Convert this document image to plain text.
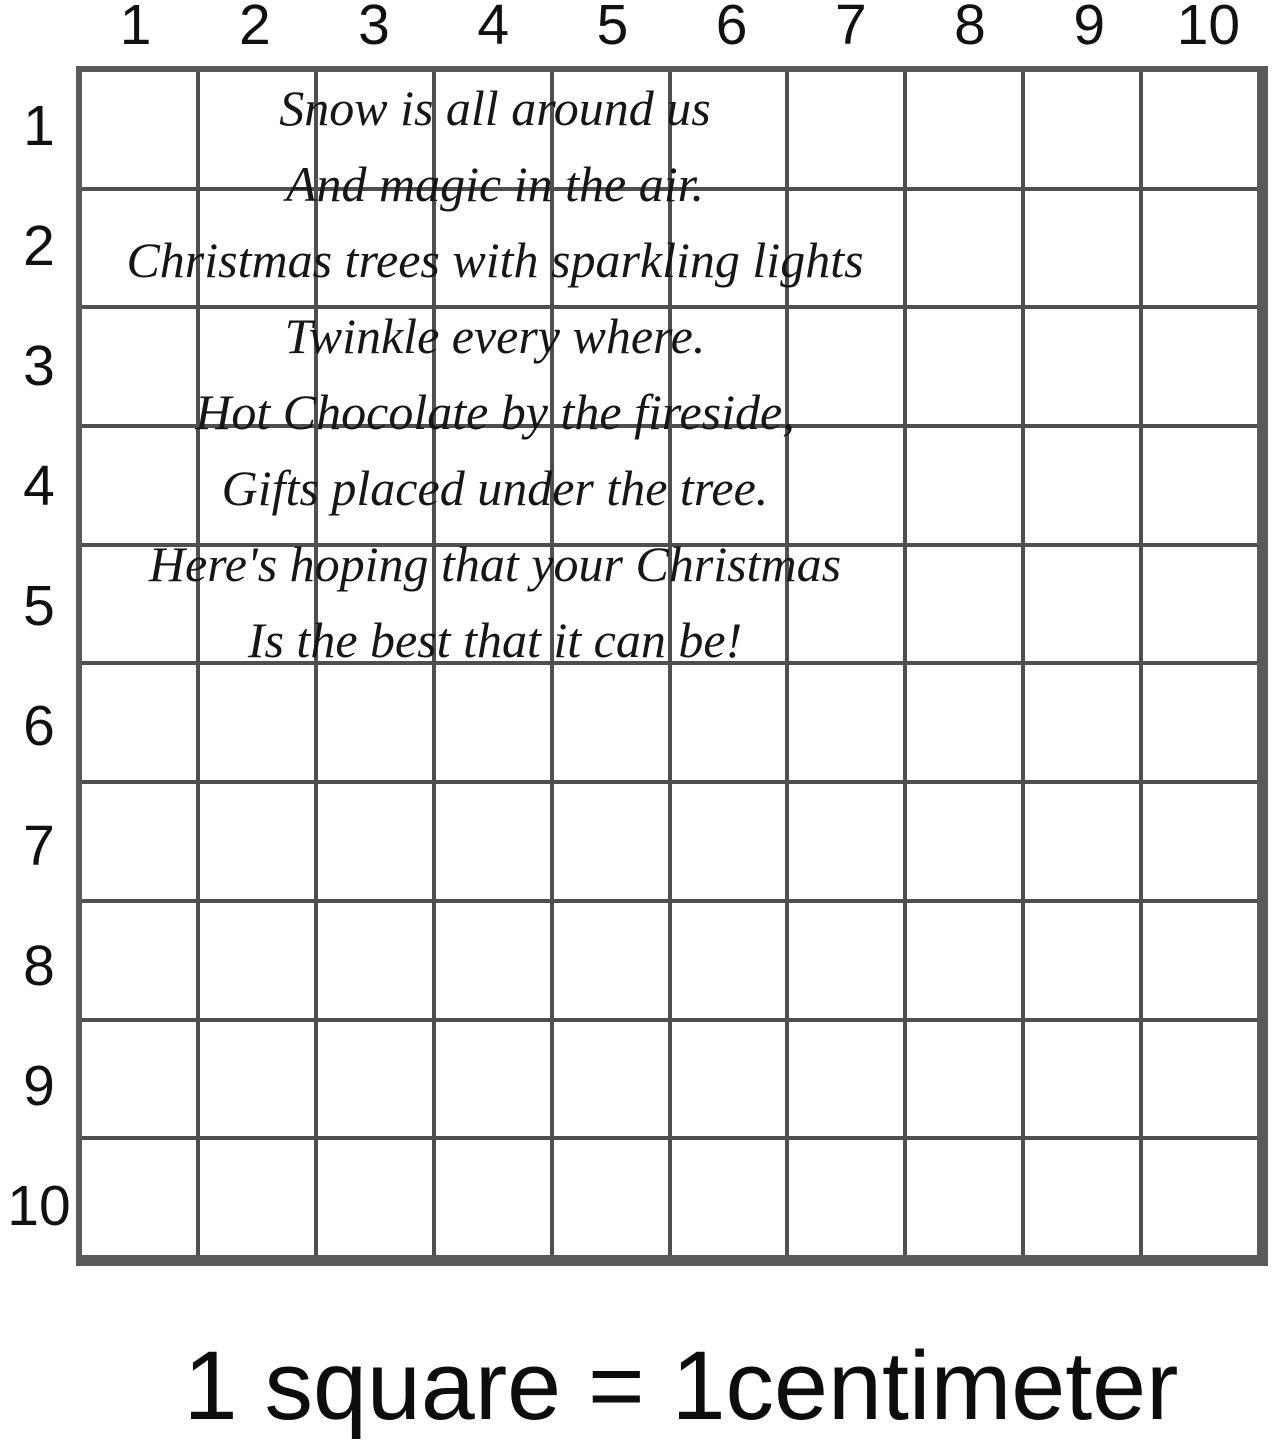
1	2	3	4	5	6	7	8	9	10
1
2
3
4
5
6
7
8
9
10
Snow is all around us
And magic in the air.
Christmas trees with sparkling lights
Twinkle every where.
Hot Chocolate by the fireside,
Gifts placed under the tree.
Here's hoping that your Christmas
Is the best that it can be!
1 square = 1centimeter
